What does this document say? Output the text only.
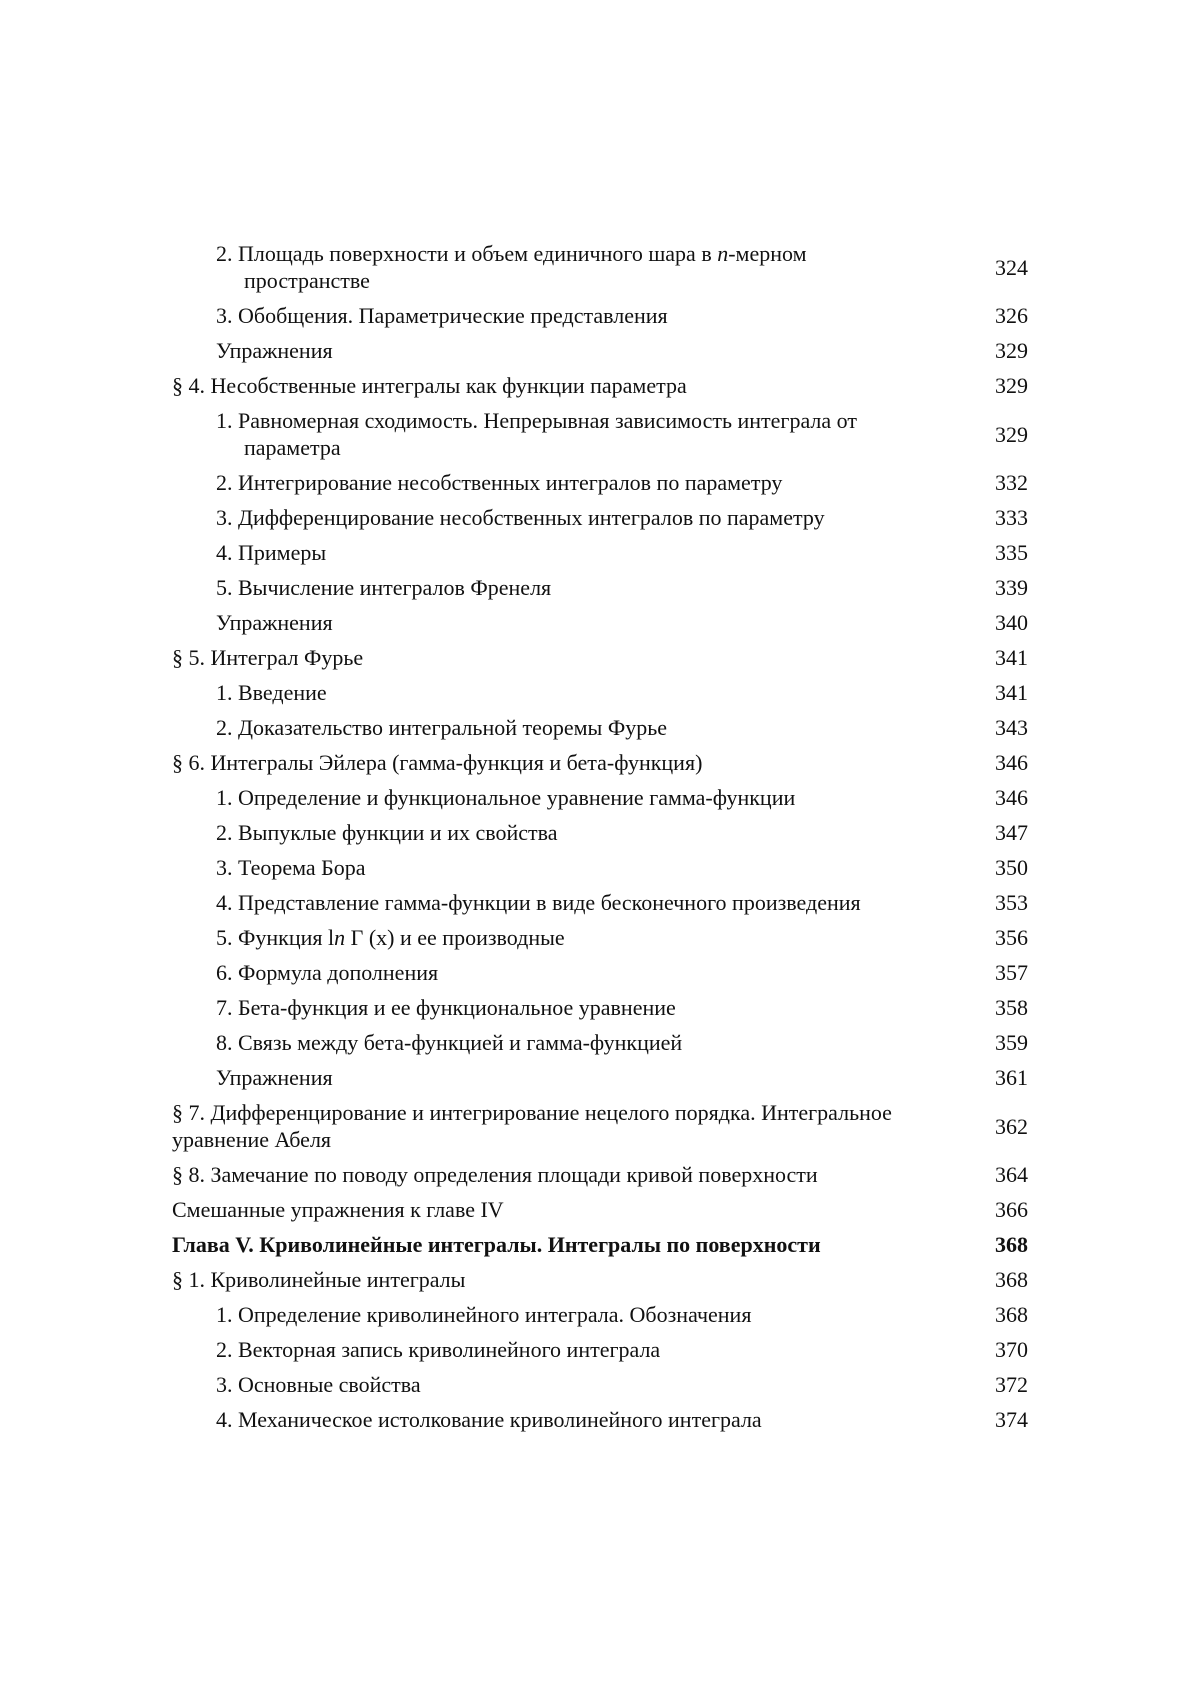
2. Площадь поверхности и объем единичного шара в n-мерном
пространстве
324
3. Обобщения. Параметрические представления	326
Упражнения	329
§ 4. Несобственные интегралы как функции параметра	329
1. Равномерная сходимость. Непрерывная зависимость интеграла от
параметра
329
2. Интегрирование несобственных интегралов по параметру	332
3. Дифференцирование несобственных интегралов по параметру	333
4. Примеры	335
5. Вычисление интегралов Френеля	339
Упражнения	340
§ 5. Интеграл Фурье	341
1. Введение	341
2. Доказательство интегральной теоремы Фурье	343
§ 6. Интегралы Эйлера (гамма-функция и бета-функция)	346
1. Определение и функциональное уравнение гамма-функции	346
2. Выпуклые функции и их свойства	347
3. Теорема Бора	350
4. Представление гамма-функции в виде бесконечного произведения	353
5. Функция ln Γ (x) и ее производные	356
6. Формула дополнения	357
7. Бета-функция и ее функциональное уравнение	358
8. Связь между бета-функцией и гамма-функцией	359
Упражнения	361
§ 7. Дифференцирование и интегрирование нецелого порядка. Интегральное
уравнение Абеля
362
§ 8. Замечание по поводу определения площади кривой поверхности	364
Смешанные упражнения к главе IV	366
Глава V. Криволинейные интегралы. Интегралы по поверхности	368
§ 1. Криволинейные интегралы	368
1. Определение криволинейного интеграла. Обозначения	368
2. Векторная запись криволинейного интеграла	370
3. Основные свойства	372
4. Механическое истолкование криволинейного интеграла	374
